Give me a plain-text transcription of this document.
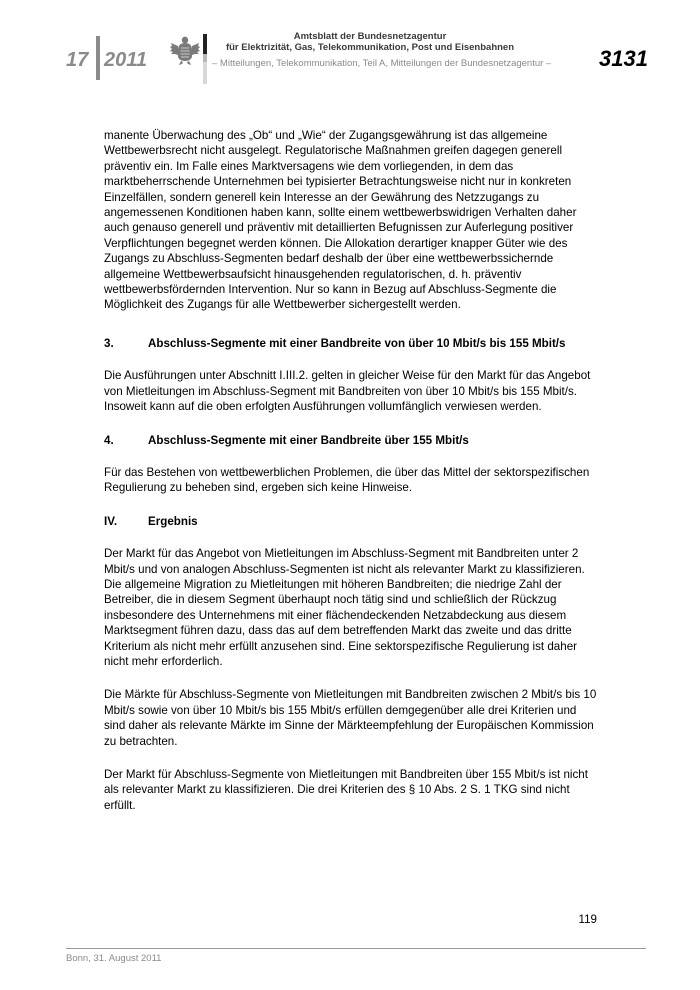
17 2011
Amtsblatt der Bundesnetzagentur
für Elektrizität, Gas, Telekommunikation, Post und Eisenbahnen
– Mitteilungen, Telekommunikation, Teil A, Mitteilungen der Bundesnetzagentur – 3131

manente Überwachung des „Ob“ und „Wie“ der Zugangsgewährung ist das allgemeine Wettbewerbsrecht nicht ausgelegt. Regulatorische Maßnahmen greifen dagegen generell präventiv ein. Im Falle eines Marktversagens wie dem vorliegenden, in dem das marktbeherrschende Unternehmen bei typisierter Betrachtungsweise nicht nur in konkreten Einzelfällen, sondern generell kein Interesse an der Gewährung des Netzzugangs zu angemessenen Konditionen haben kann, sollte einem wettbewerbswidrigen Verhalten daher auch genauso generell und präventiv mit detaillierten Befugnissen zur Auferlegung positiver Verpflichtungen begegnet werden können. Die Allokation derartiger knapper Güter wie des Zugangs zu Abschluss-Segmenten bedarf deshalb der über eine wettbewerbssichernde allgemeine Wettbewerbsaufsicht hinausgehenden regulatorischen, d. h. präventiv wettbewerbsfördernden Intervention. Nur so kann in Bezug auf Abschluss-Segmente die Möglichkeit des Zugangs für alle Wettbewerber sichergestellt werden.

3.	Abschluss-Segmente mit einer Bandbreite von über 10 Mbit/s bis 155 Mbit/s

Die Ausführungen unter Abschnitt I.III.2. gelten in gleicher Weise für den Markt für das Angebot von Mietleitungen im Abschluss-Segment mit Bandbreiten von über 10 Mbit/s bis 155 Mbit/s. Insoweit kann auf die oben erfolgten Ausführungen vollumfänglich verwiesen werden.

4.	Abschluss-Segmente mit einer Bandbreite über 155 Mbit/s

Für das Bestehen von wettbewerblichen Problemen, die über das Mittel der sektorspezifischen Regulierung zu beheben sind, ergeben sich keine Hinweise.

IV.	Ergebnis

Der Markt für das Angebot von Mietleitungen im Abschluss-Segment mit Bandbreiten unter 2 Mbit/s und von analogen Abschluss-Segmenten ist nicht als relevanter Markt zu klassifizieren. Die allgemeine Migration zu Mietleitungen mit höheren Bandbreiten; die niedrige Zahl der Betreiber, die in diesem Segment überhaupt noch tätig sind und schließlich der Rückzug insbesondere des Unternehmens mit einer flächendeckenden Netzabdeckung aus diesem Marktsegment führen dazu, dass das auf dem betreffenden Markt das zweite und das dritte Kriterium als nicht mehr erfüllt anzusehen sind. Eine sektorspezifische Regulierung ist daher nicht mehr erforderlich.

Die Märkte für Abschluss-Segmente von Mietleitungen mit Bandbreiten zwischen 2 Mbit/s bis 10 Mbit/s sowie von über 10 Mbit/s bis 155 Mbit/s erfüllen demgegenüber alle drei Kriterien und sind daher als relevante Märkte im Sinne der Märkteempfehlung der Europäischen Kommission zu betrachten.

Der Markt für Abschluss-Segmente von Mietleitungen mit Bandbreiten über 155 Mbit/s ist nicht als relevanter Markt zu klassifizieren. Die drei Kriterien des § 10 Abs. 2 S. 1 TKG sind nicht erfüllt.

119
Bonn, 31. August 2011
